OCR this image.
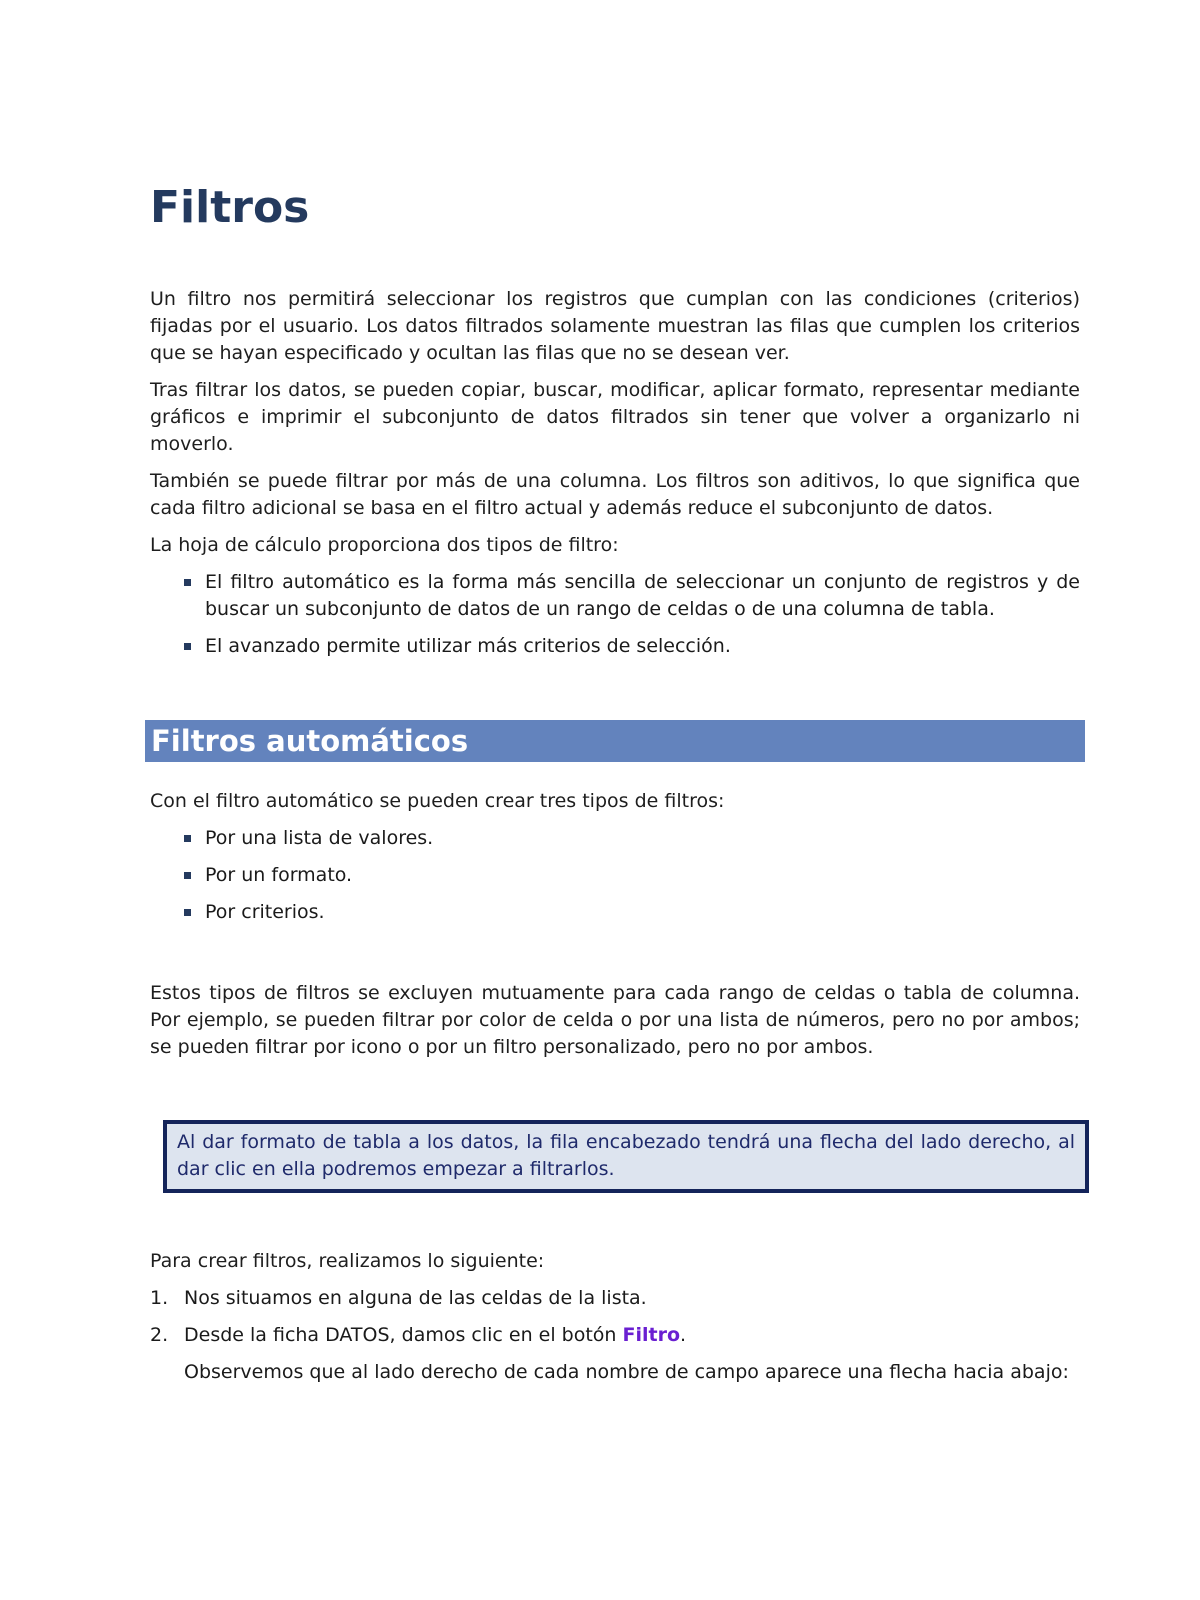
Filtros

Un filtro nos permitirá seleccionar los registros que cumplan con las condiciones (criterios) fijadas por el usuario. Los datos filtrados solamente muestran las filas que cumplen los criterios que se hayan especificado y ocultan las filas que no se desean ver.

Tras filtrar los datos, se pueden copiar, buscar, modificar, aplicar formato, representar mediante gráficos e imprimir el subconjunto de datos filtrados sin tener que volver a organizarlo ni moverlo.

También se puede filtrar por más de una columna. Los filtros son aditivos, lo que significa que cada filtro adicional se basa en el filtro actual y además reduce el subconjunto de datos.

La hoja de cálculo proporciona dos tipos de filtro:

El filtro automático es la forma más sencilla de seleccionar un conjunto de registros y de buscar un subconjunto de datos de un rango de celdas o de una columna de tabla.
El avanzado permite utilizar más criterios de selección.
Filtros automáticos

Con el filtro automático se pueden crear tres tipos de filtros:

Por una lista de valores.
Por un formato.
Por criterios.

Estos tipos de filtros se excluyen mutuamente para cada rango de celdas o tabla de columna. Por ejemplo, se pueden filtrar por color de celda o por una lista de números, pero no por ambos; se pueden filtrar por icono o por un filtro personalizado, pero no por ambos.

Al dar formato de tabla a los datos, la fila encabezado tendrá una flecha del lado derecho, al dar clic en ella podremos empezar a filtrarlos.

Para crear filtros, realizamos lo siguiente:

1. Nos situamos en alguna de las celdas de la lista.
2. Desde la ficha DATOS, damos clic en el botón Filtro.
Observemos que al lado derecho de cada nombre de campo aparece una flecha hacia abajo:
